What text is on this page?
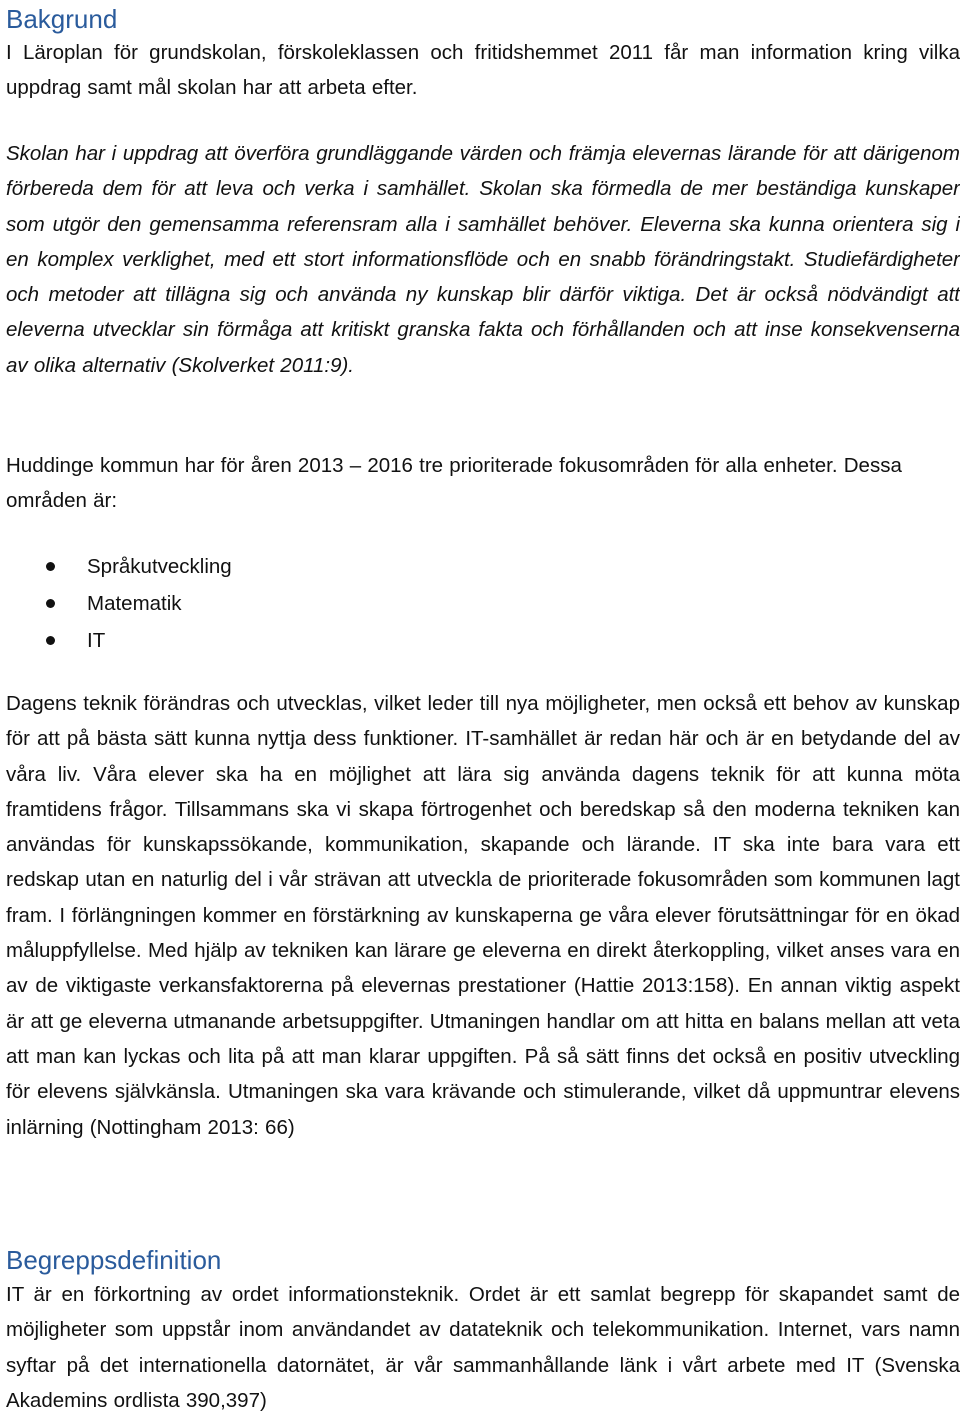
Bakgrund

I Läroplan för grundskolan, förskoleklassen och fritidshemmet 2011 får man information kring vilka uppdrag samt mål skolan har att arbeta efter.

Skolan har i uppdrag att överföra grundläggande värden och främja elevernas lärande för att därigenom förbereda dem för att leva och verka i samhället. Skolan ska förmedla de mer beständiga kunskaper som utgör den gemensamma referensram alla i samhället behöver. Eleverna ska kunna orientera sig i en komplex verklighet, med ett stort informationsflöde och en snabb förändringstakt. Studiefärdigheter och metoder att tillägna sig och använda ny kunskap blir därför viktiga. Det är också nödvändigt att eleverna utvecklar sin förmåga att kritiskt granska fakta och förhållanden och att inse konsekvenserna av olika alternativ (Skolverket 2011:9).

Huddinge kommun har för åren 2013 – 2016 tre prioriterade fokusområden för alla enheter. Dessa områden är:

Språkutveckling
Matematik
IT

Dagens teknik förändras och utvecklas, vilket leder till nya möjligheter, men också ett behov av kunskap för att på bästa sätt kunna nyttja dess funktioner. IT-samhället är redan här och är en betydande del av våra liv. Våra elever ska ha en möjlighet att lära sig använda dagens teknik för att kunna möta framtidens frågor. Tillsammans ska vi skapa förtrogenhet och beredskap så den moderna tekniken kan användas för kunskapssökande, kommunikation, skapande och lärande. IT ska inte bara vara ett redskap utan en naturlig del i vår strävan att utveckla de prioriterade fokusområden som kommunen lagt fram. I förlängningen kommer en förstärkning av kunskaperna ge våra elever förutsättningar för en ökad måluppfyllelse. Med hjälp av tekniken kan lärare ge eleverna en direkt återkoppling, vilket anses vara en av de viktigaste verkansfaktorerna på elevernas prestationer (Hattie 2013:158). En annan viktig aspekt är att ge eleverna utmanande arbetsuppgifter. Utmaningen handlar om att hitta en balans mellan att veta att man kan lyckas och lita på att man klarar uppgiften. På så sätt finns det också en positiv utveckling för elevens självkänsla. Utmaningen ska vara krävande och stimulerande, vilket då uppmuntrar elevens inlärning (Nottingham 2013: 66)

Begreppsdefinition

IT är en förkortning av ordet informationsteknik. Ordet är ett samlat begrepp för skapandet samt de möjligheter som uppstår inom användandet av datateknik och telekommunikation. Internet, vars namn syftar på det internationella datornätet, är vår sammanhållande länk i vårt arbete med IT (Svenska Akademins ordlista 390,397)
